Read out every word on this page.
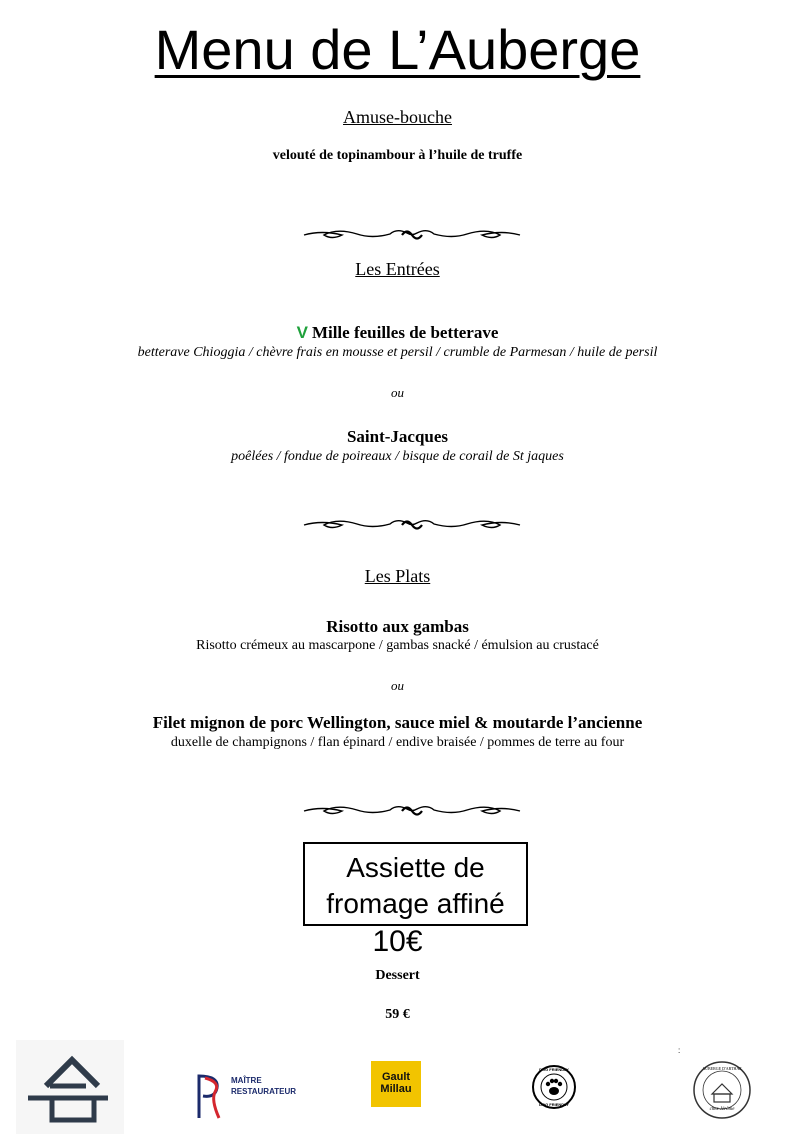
Menu de L’Auberge
Amuse-bouche
velouté de topinambour à l’huile de truffe
Les Entrées
V Mille feuilles de betterave
betterave Chioggia / chèvre frais en mousse et persil / crumble de Parmesan / huile de persil
ou
Saint-Jacques
poêlées / fondue de poireaux / bisque de corail de St jaques
Les Plats
Risotto aux gambas
Risotto crémeux au mascarpone / gambas snacké / émulsion au crustacé
ou
Filet mignon de porc Wellington, sauce miel & moutarde l’ancienne
duxelle de champignons / flan épinard / endive braisée / pommes de terre au four
Assiette de
fromage affiné
10€
Dessert
59 €
MAÎTRE
RESTAURATEUR
Gault
Millau
DOG FRIENDLY
DOG FRIENDLY
:
AUBERGE D'ARTHAZ
chez Jérôme
